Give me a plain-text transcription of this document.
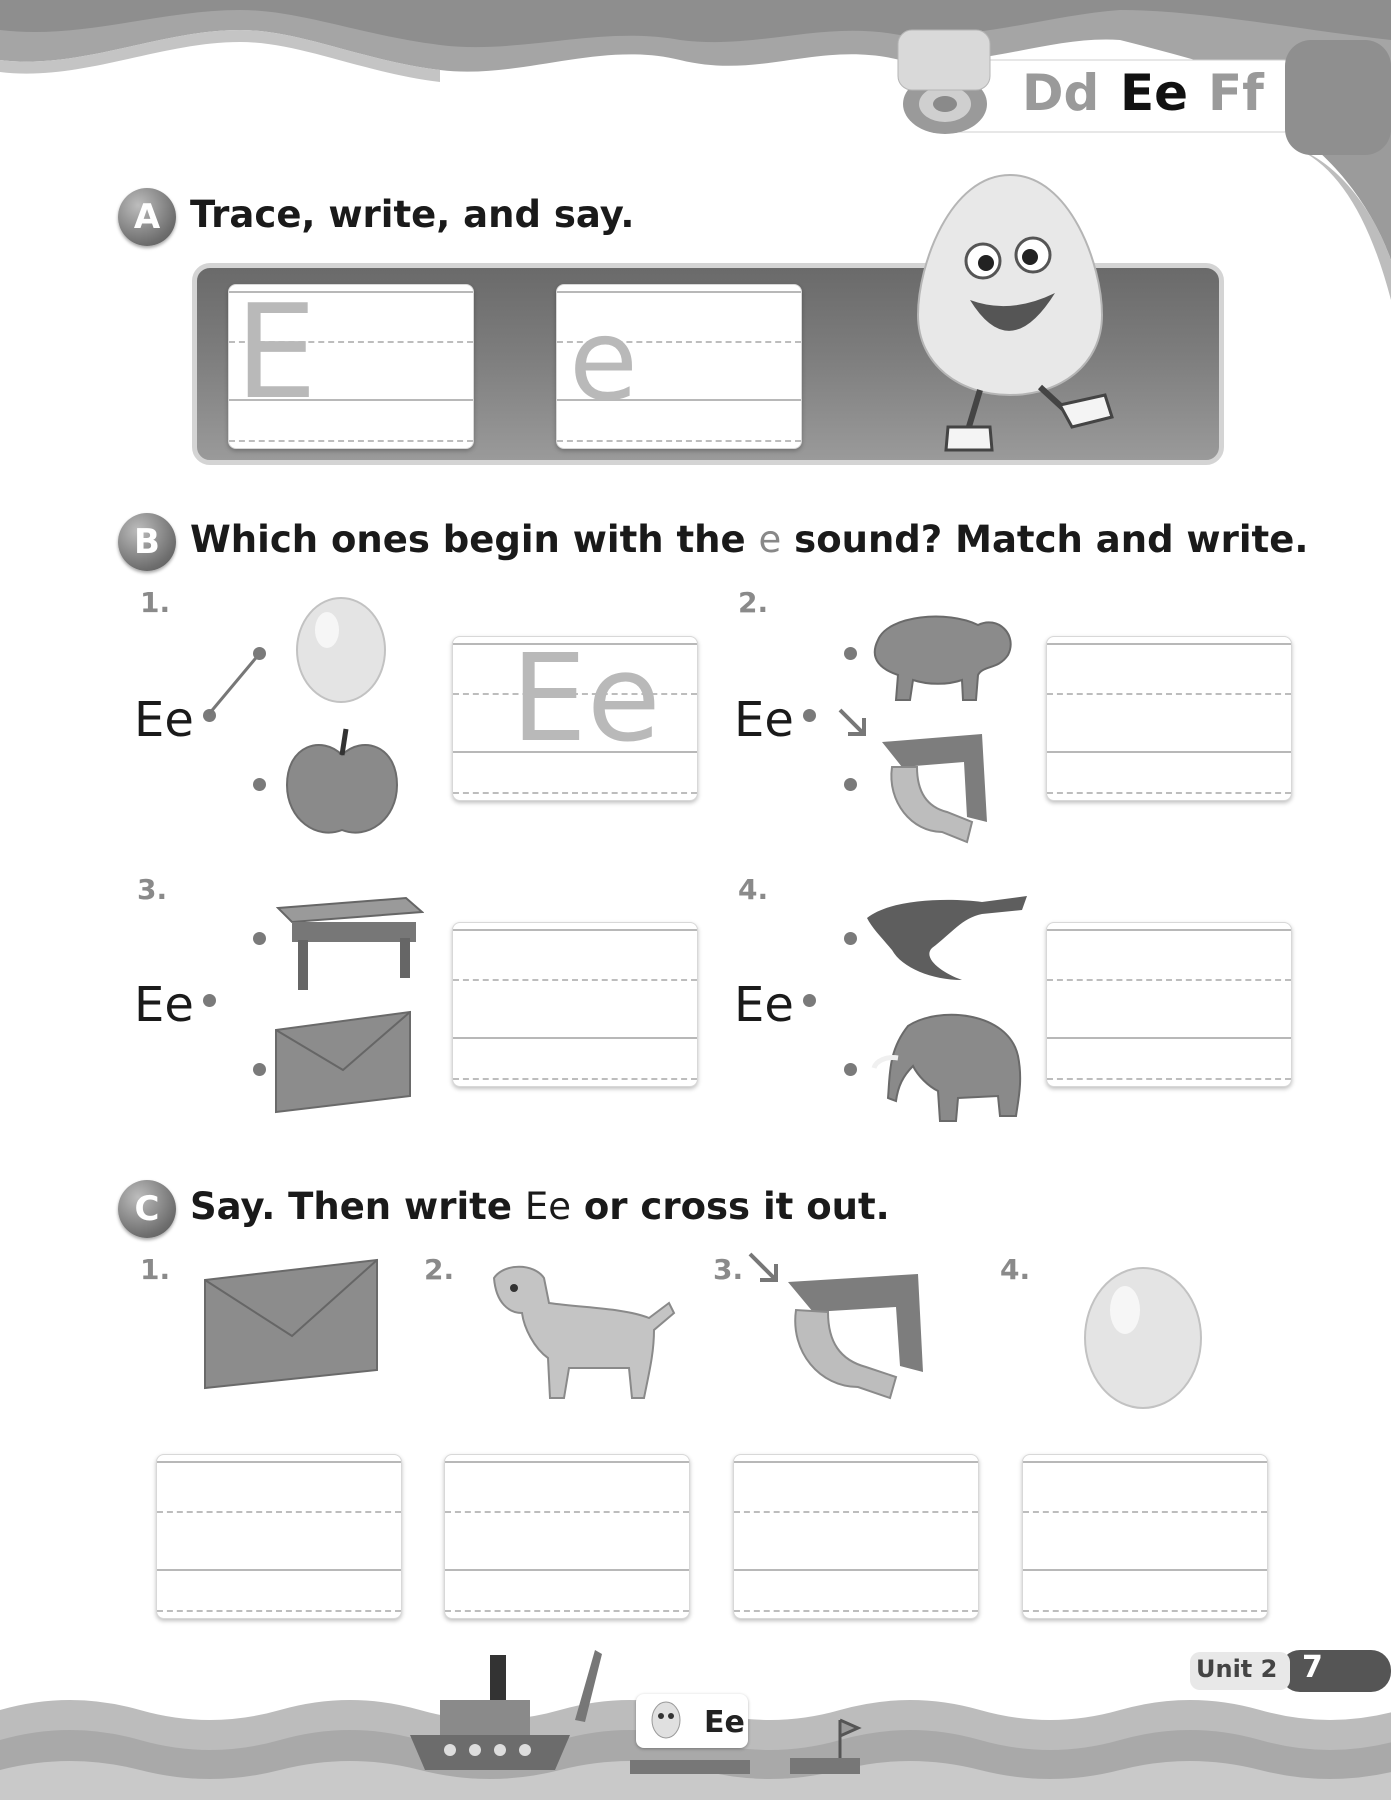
Dd Ee Ff
A Trace, write, and say.
E e
B Which ones begin with the e sound? Match and write.
1.
Ee	Ee
2.
Ee
3.
Ee
4.
Ee
C Say. Then write Ee or cross it out.
1.	2.	3.	4.
Unit 2 7
Ee
